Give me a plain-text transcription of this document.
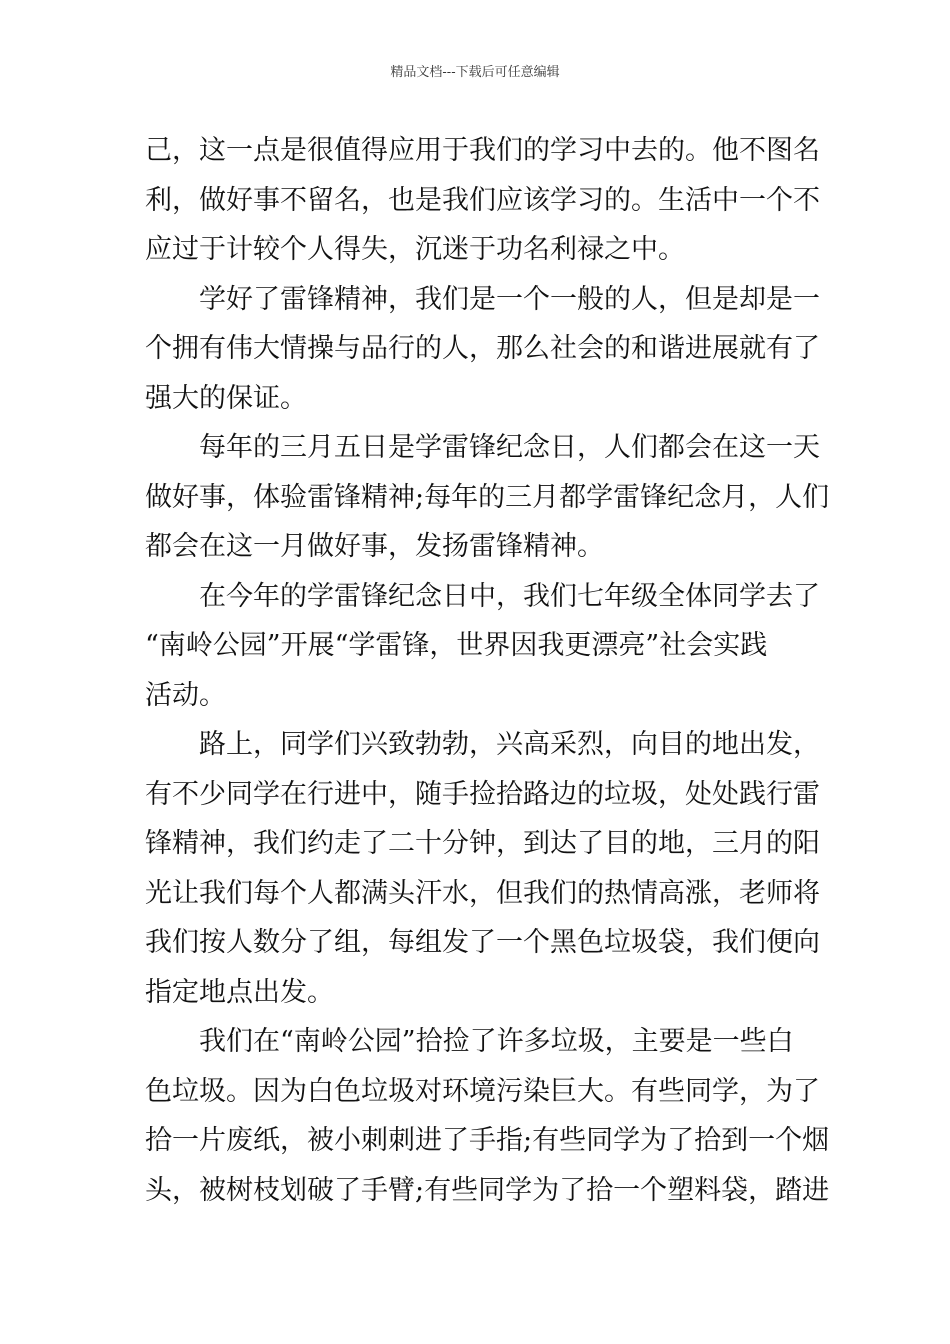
精品文档---下载后可任意编辑
己，这一点是很值得应用于我们的学习中去的。他不图名
利，做好事不留名，也是我们应该学习的。生活中一个不
应过于计较个人得失，沉迷于功名利禄之中。
学好了雷锋精神，我们是一个一般的人，但是却是一
个拥有伟大情操与品行的人，那么社会的和谐进展就有了
强大的保证。
每年的三月五日是学雷锋纪念日，人们都会在这一天
做好事，体验雷锋精神;每年的三月都学雷锋纪念月，人们
都会在这一月做好事，发扬雷锋精神。
在今年的学雷锋纪念日中，我们七年级全体同学去了
“南岭公园”开展“学雷锋，世界因我更漂亮”社会实践
活动。
路上，同学们兴致勃勃，兴高采烈，向目的地出发，
有不少同学在行进中，随手捡拾路边的垃圾，处处践行雷
锋精神，我们约走了二十分钟，到达了目的地，三月的阳
光让我们每个人都满头汗水，但我们的热情高涨，老师将
我们按人数分了组，每组发了一个黑色垃圾袋，我们便向
指定地点出发。
我们在“南岭公园”拾捡了许多垃圾，主要是一些白
色垃圾。因为白色垃圾对环境污染巨大。有些同学，为了
拾一片废纸，被小刺刺进了手指;有些同学为了拾到一个烟
头，被树枝划破了手臂;有些同学为了拾一个塑料袋，踏进
